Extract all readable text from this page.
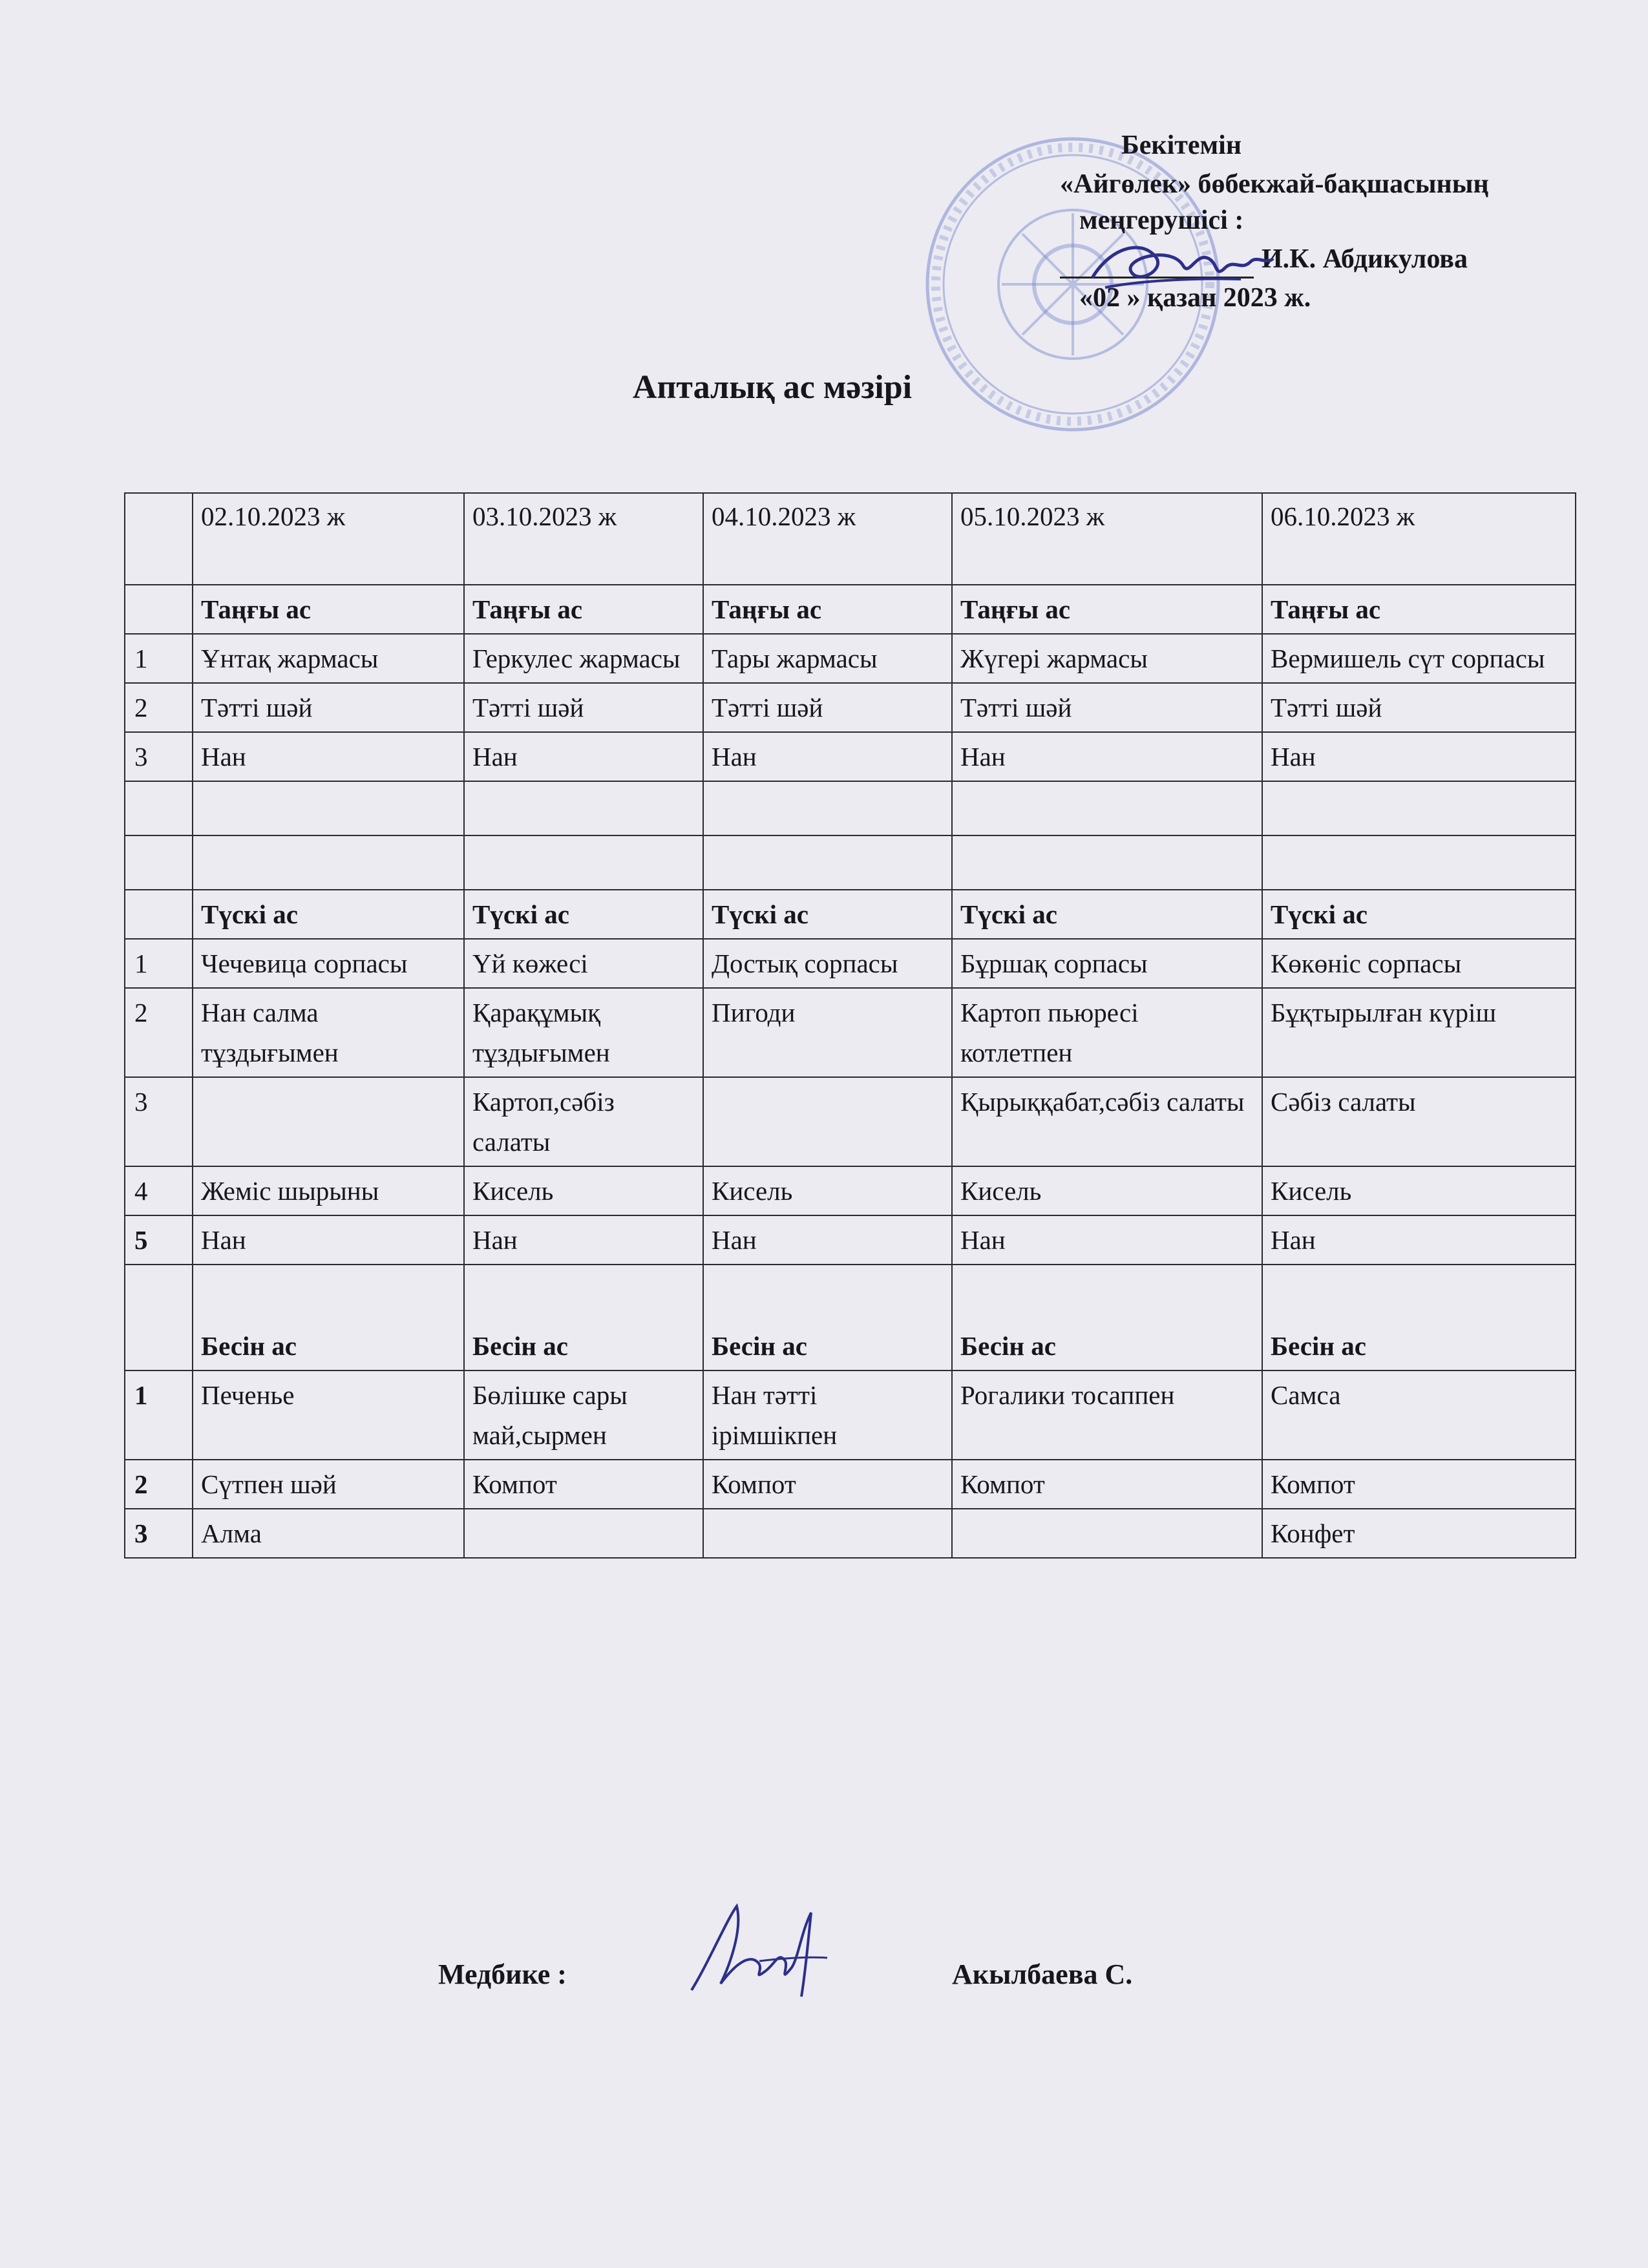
Бекітемін
«Айгөлек» бөбекжай-бақшасының
меңгерушісі :
И.К. Абдикулова
«02 » қазан 2023 ж.
Апталық ас мәзірі
	02.10.2023 ж	03.10.2023 ж	04.10.2023 ж	05.10.2023 ж	06.10.2023 ж
	Таңғы ас	Таңғы ас	Таңғы ас	Таңғы ас	Таңғы ас
1	Ұнтақ жармасы	Геркулес жармасы	Тары жармасы	Жүгері жармасы	Вермишель сүт сорпасы
2	Тәтті шәй	Тәтті шәй	Тәтті шәй	Тәтті шәй	Тәтті шәй
3	Нан	Нан	Нан	Нан	Нан

	Түскі ас	Түскі ас	Түскі ас	Түскі ас	Түскі ас
1	Чечевица сорпасы	Үй көжесі	Достық сорпасы	Бұршақ сорпасы	Көкөніс сорпасы
2	Нан салма тұздығымен	Қарақұмық тұздығымен	Пигоди	Картоп пьюресі котлетпен	Бұқтырылған күріш
3		Картоп,сәбіз салаты		Қырыққабат,сәбіз салаты	Сәбіз салаты
4	Жеміс шырыны	Кисель	Кисель	Кисель	Кисель
5	Нан	Нан	Нан	Нан	Нан
	Бесін ас	Бесін ас	Бесін ас	Бесін ас	Бесін ас
1	Печенье	Бөлішке сары май,сырмен	Нан тәтті ірімшікпен	Рогалики тосаппен	Самса
2	Сүтпен шәй	Компот	Компот	Компот	Компот
3	Алма				Конфет
Медбике :	Акылбаева С.
